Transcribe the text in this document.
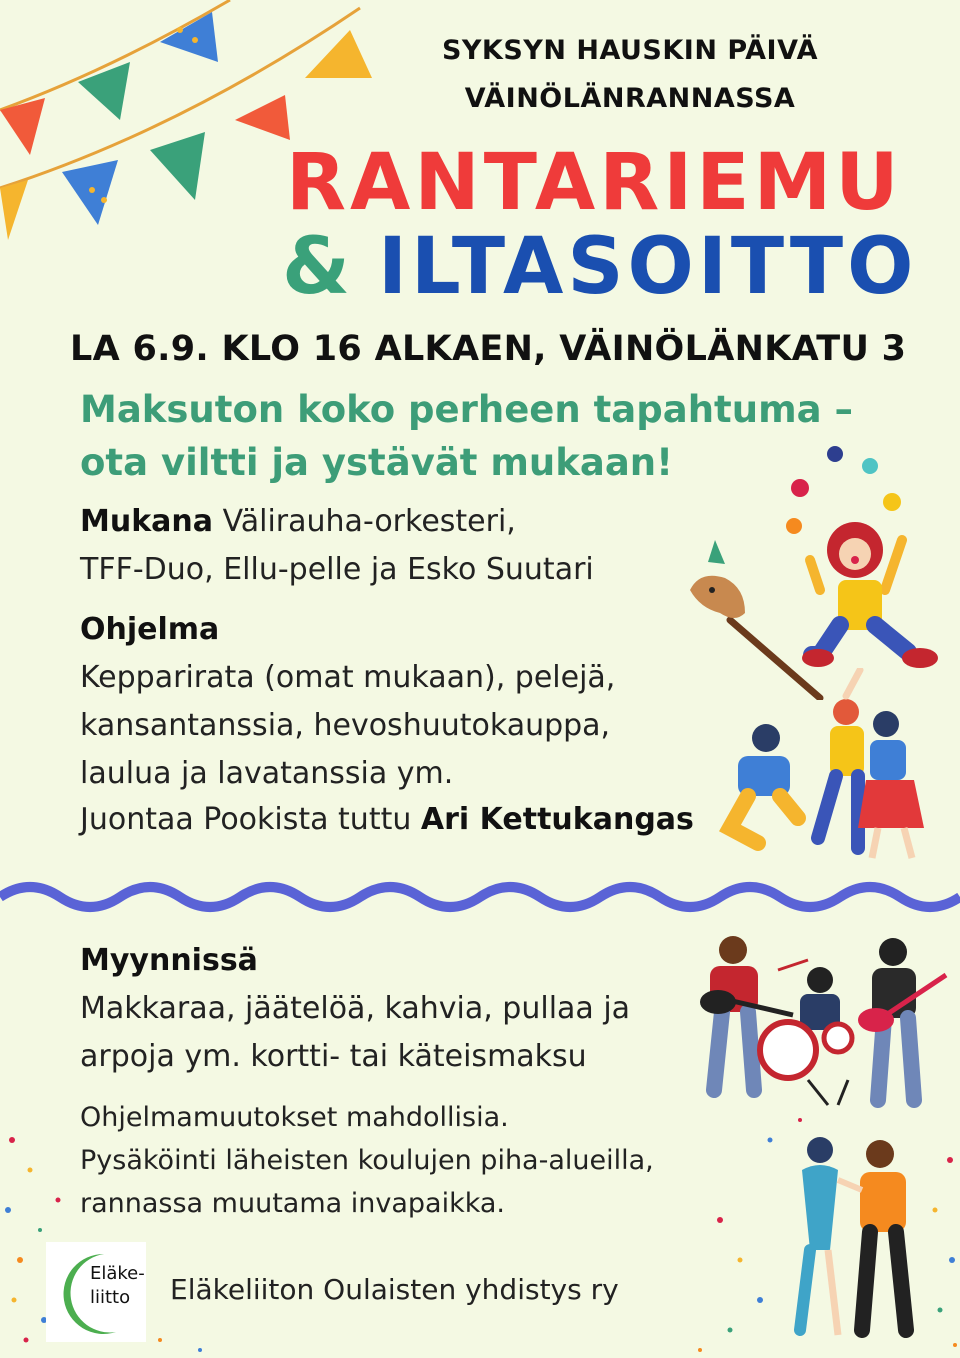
SYKSYN HAUSKIN PÄIVÄ
VÄINÖLÄNRANNASSA
RANTARIEMU
& ILTASOITTO
LA 6.9. KLO 16 ALKAEN, VÄINÖLÄNKATU 3
Maksuton koko perheen tapahtuma –
ota viltti ja ystävät mukaan!
Mukana Välirauha-orkesteri,
TFF-Duo, Ellu-pelle ja Esko Suutari
Ohjelma
Kepparirata (omat mukaan), pelejä,
kansantanssia, hevoshuutokauppa,
laulua ja lavatanssia ym.
Juontaa Pookista tuttu Ari Kettukangas
Myynnissä
Makkaraa, jäätelöä, kahvia, pullaa ja
arpoja ym. kortti- tai käteismaksu
Ohjelmamuutokset mahdollisia.
Pysäköinti läheisten koulujen piha-alueilla,
rannassa muutama invapaikka.
Eläke-
liitto	Eläkeliiton Oulaisten yhdistys ry
